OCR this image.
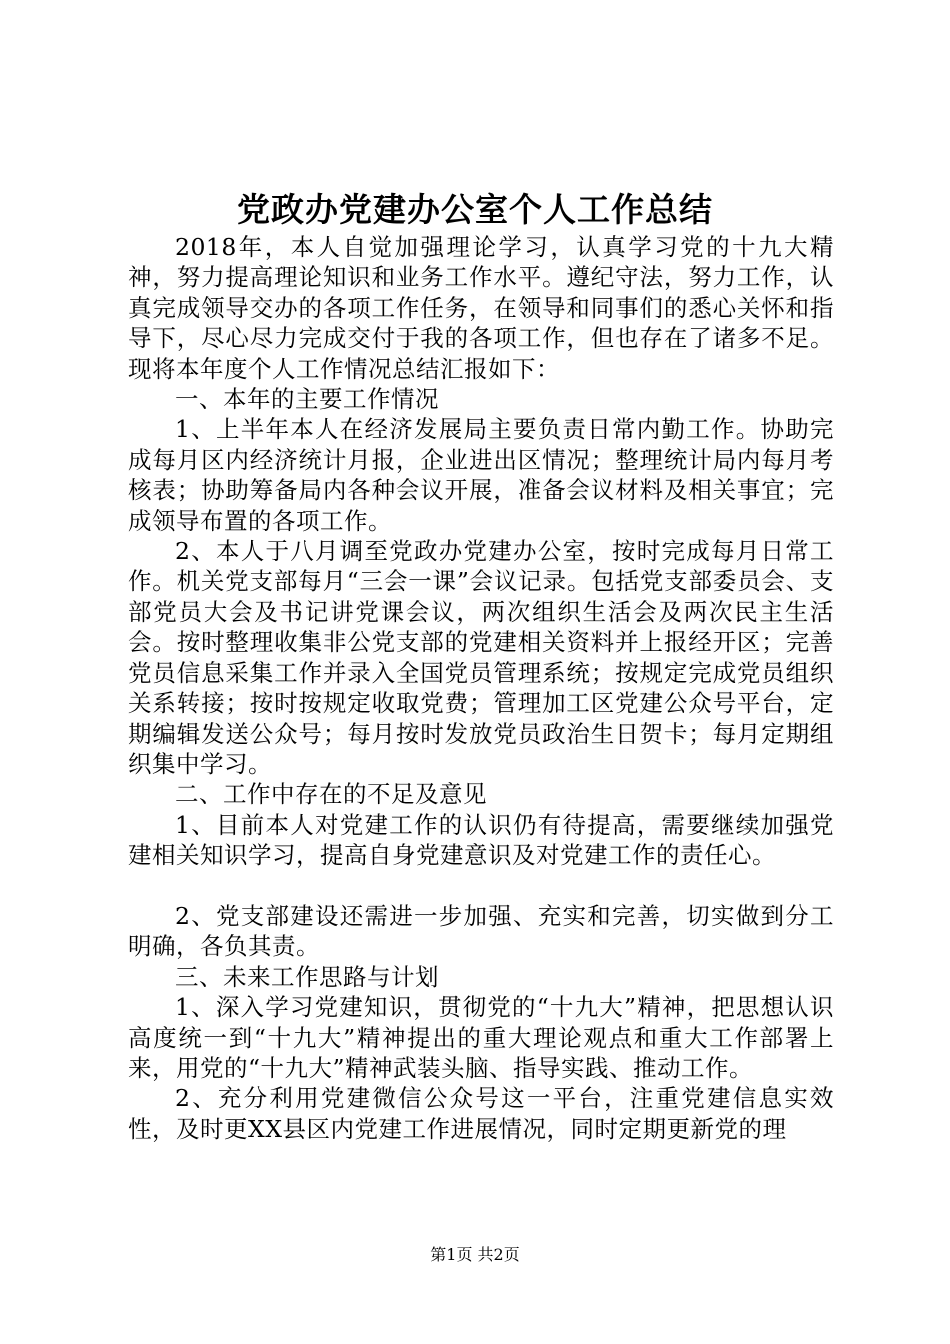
党政办党建办公室个人工作总结

2018年，本人自觉加强理论学习，认真学习党的十九大精神，努力提高理论知识和业务工作水平。遵纪守法，努力工作，认真完成领导交办的各项工作任务，在领导和同事们的悉心关怀和指导下，尽心尽力完成交付于我的各项工作，但也存在了诸多不足。现将本年度个人工作情况总结汇报如下：

一、本年的主要工作情况

1、上半年本人在经济发展局主要负责日常内勤工作。协助完成每月区内经济统计月报，企业进出区情况；整理统计局内每月考核表；协助筹备局内各种会议开展，准备会议材料及相关事宜；完成领导布置的各项工作。

2、本人于八月调至党政办党建办公室，按时完成每月日常工作。机关党支部每月“三会一课”会议记录。包括党支部委员会、支部党员大会及书记讲党课会议，两次组织生活会及两次民主生活会。按时整理收集非公党支部的党建相关资料并上报经开区；完善党员信息采集工作并录入全国党员管理系统；按规定完成党员组织关系转接；按时按规定收取党费；管理加工区党建公众号平台，定期编辑发送公众号；每月按时发放党员政治生日贺卡；每月定期组织集中学习。

二、工作中存在的不足及意见

1、目前本人对党建工作的认识仍有待提高，需要继续加强党建相关知识学习，提高自身党建意识及对党建工作的责任心。

2、党支部建设还需进一步加强、充实和完善，切实做到分工明确，各负其责。

三、未来工作思路与计划

1、深入学习党建知识，贯彻党的“十九大”精神，把思想认识高度统一到“十九大”精神提出的重大理论观点和重大工作部署上来，用党的“十九大”精神武装头脑、指导实践、推动工作。

2、充分利用党建微信公众号这一平台，注重党建信息实效性，及时更XX县区内党建工作进展情况，同时定期更新党的理

第1页 共2页
